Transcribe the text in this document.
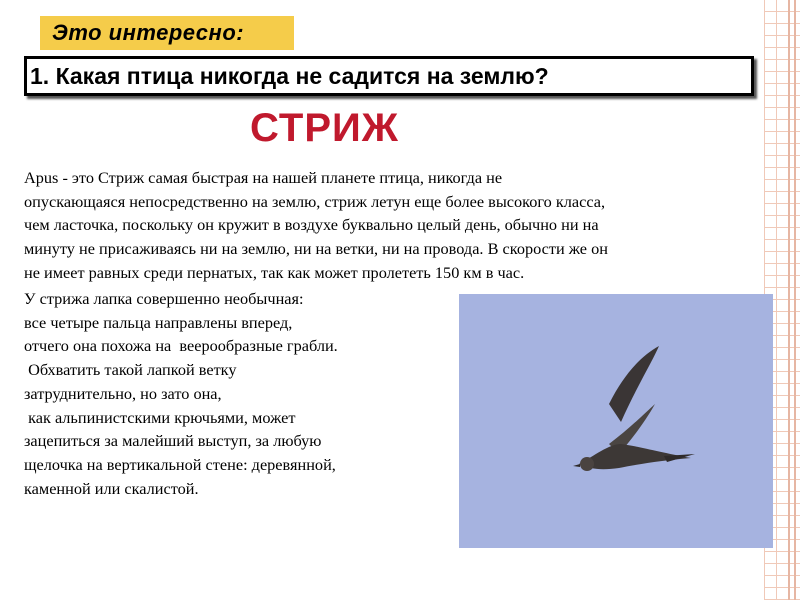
Это интересно:
1. Какая птица никогда не садится на землю?
СТРИЖ
Apus - это Стриж самая быстрая на нашей планете птица, никогда не
опускающаяся непосредственно на землю, стриж летун еще более высокого класса,
чем ласточка, поскольку он кружит в воздухе буквально целый день, обычно ни на
минуту не присаживаясь ни на землю, ни на ветки, ни на провода. В скорости же он
не имеет равных среди пернатых, так как может пролететь 150 км в час.
У стрижа лапка совершенно необычная:
все четыре пальца направлены вперед,
отчего она похожа на  веерообразные грабли.
Обхватить такой лапкой ветку
затруднительно, но зато она,
как альпинистскими крючьями, может
зацепиться за малейший выступ, за любую
щелочка на вертикальной стене: деревянной,
каменной или скалистой.
